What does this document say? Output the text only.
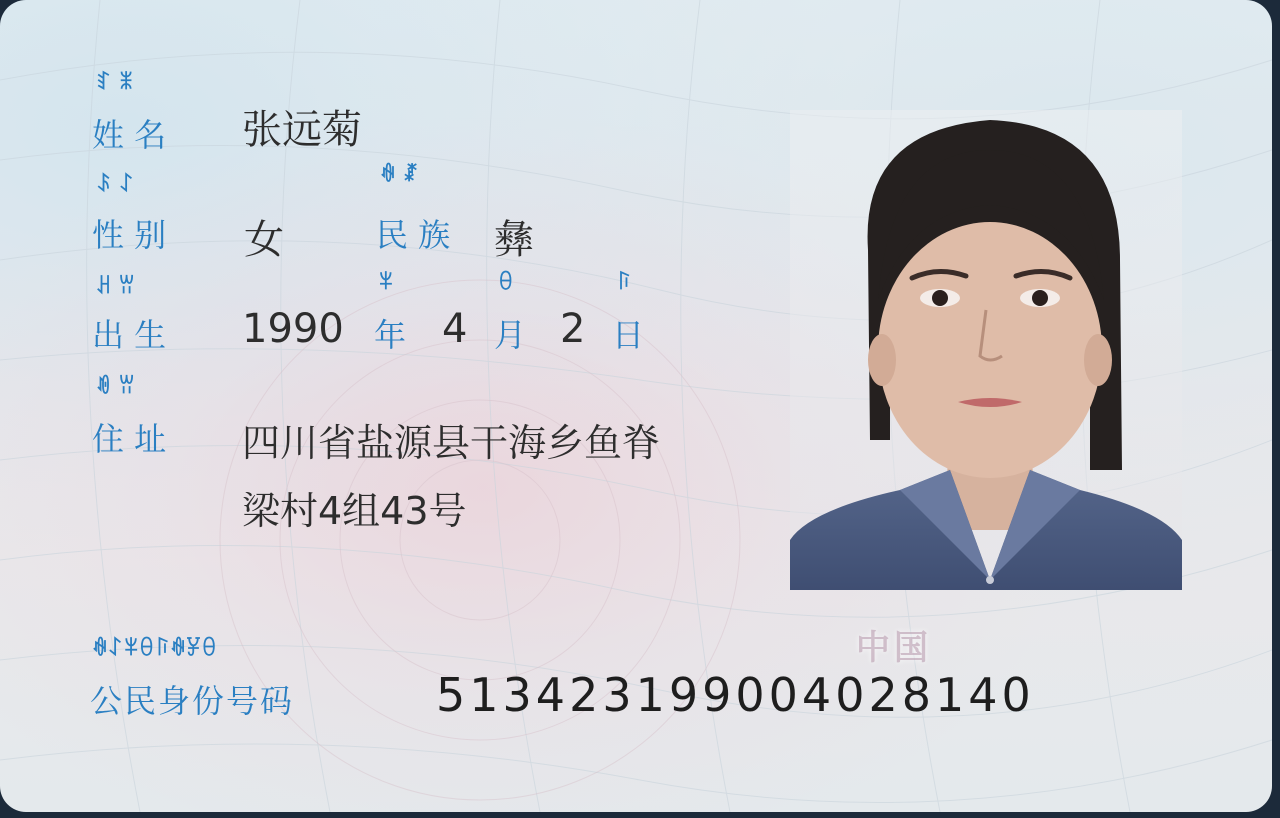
ꆏ ꂓ
姓 名 张远菊
ꌺ ꋍ
性 别 女
ꊿ ꊨ
民 族 彝
ꃅ ꀕ
出 生 1990
ꈎ
年 4
ꆪ
月 2
ꑍ
日
ꀑ ꀕ
住 址 四川省盐源县干海乡鱼脊
梁村4组43号
中国
ꊿꋍꈎꆪꑍꊿꐯꆪ
公民身份号码	513423199004028140
